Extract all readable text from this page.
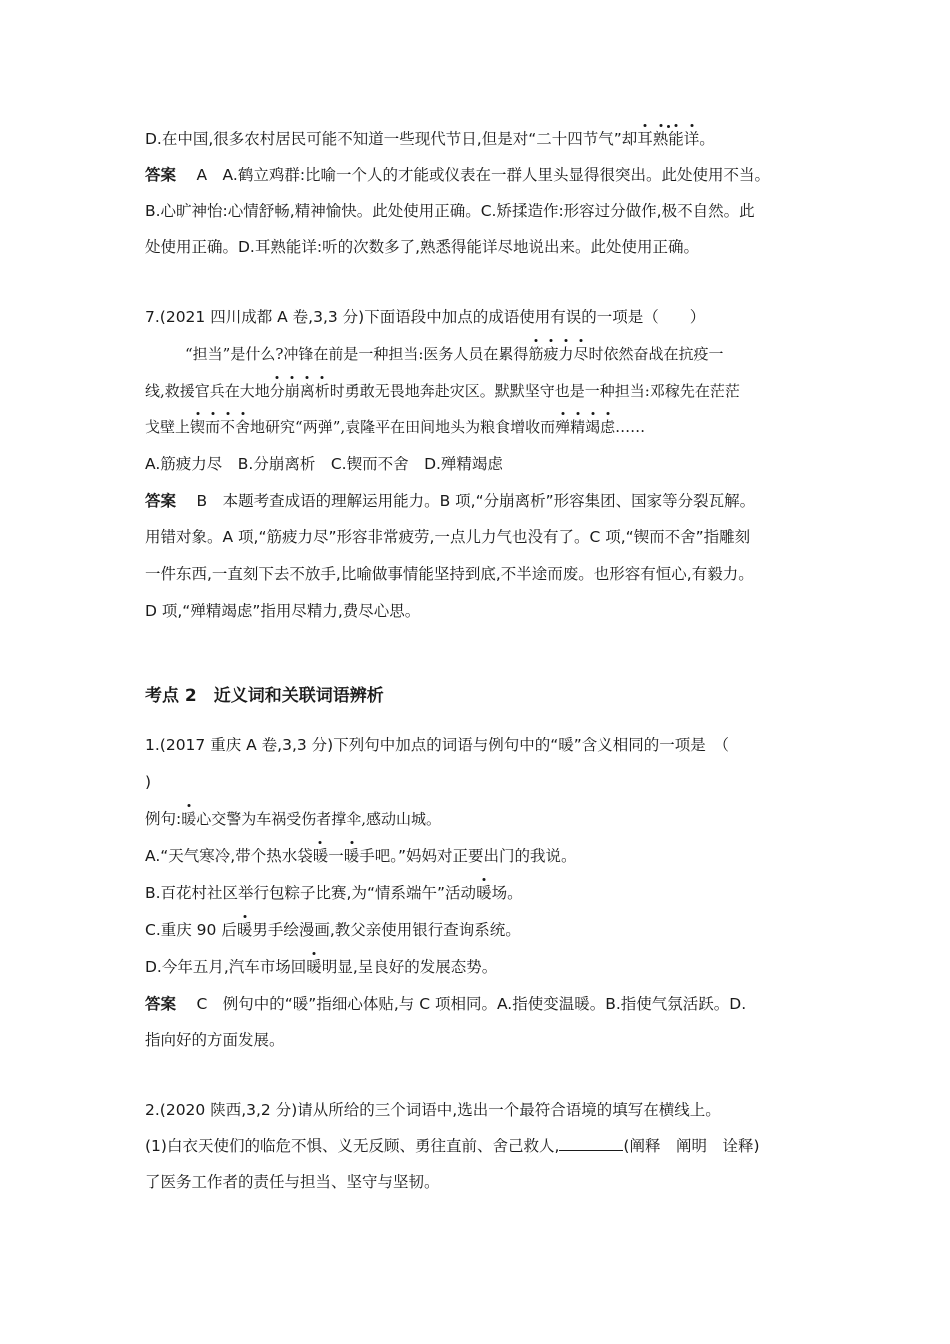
D.在中国,很多农村居民可能不知道一些现代节日,但是对“二十四节气”却耳熟能详
。
答案　 A　A.鹤立鸡群:比喻一个人的才能或仪表在一群人里头显得很突出。此处使用不当。
B.心旷神怡:心情舒畅,精神愉快。此处使用正确。C.矫揉造作:形容过分做作,极不自然。此
处使用正确。D.耳熟能详:听的次数多了,熟悉得能详尽地说出来。此处使用正确。
7.(2021 四川成都 A 卷,3,3 分)下面语段中加点的成语使用有误的一项是（　　）
“担当”是什么?冲锋在前是一种担当:医务人员在累得筋疲力尽
时依然奋战在抗疫一
线,救援官兵在大地分崩离析
时勇敢无畏地奔赴灾区。默默坚守也是一种担当:邓稼先在茫茫
戈壁上锲而不舍
地研究“两弹”,袁隆平在田间地头为粮食增收而殚精竭虑
……
A.筋疲力尽　B.分崩离析　C.锲而不舍　D.殚精竭虑
答案　 B　本题考查成语的理解运用能力。B 项,“分崩离析”形容集团、国家等分裂瓦解。
用错对象。A 项,“筋疲力尽”形容非常疲劳,一点儿力气也没有了。C 项,“锲而不舍”指雕刻
一件东西,一直刻下去不放手,比喻做事情能坚持到底,不半途而废。也形容有恒心,有毅力。
D 项,“殚精竭虑”指用尽精力,费尽心思。
考点 2　近义词和关联词语辨析
1.(2017 重庆 A 卷,3,3 分)下列句中加点的词语与例句中的“暖”含义相同的一项是　（
)
例句:暖
心交警为车祸受伤者撑伞,感动山城。
A.“天气寒冷,带个热水袋暖
一暖
手吧。”妈妈对正要出门的我说。
B.百花村社区举行包粽子比赛,为“情系端午”活动暖
场。
C.重庆 90 后暖
男手绘漫画,教父亲使用银行查询系统。
D.今年五月,汽车市场回暖
明显,呈良好的发展态势。
答案　 C　例句中的“暖”指细心体贴,与 C 项相同。A.指使变温暖。B.指使气氛活跃。D.
指向好的方面发展。
2.(2020 陕西,3,2 分)请从所给的三个词语中,选出一个最符合语境的填写在横线上。
(1)白衣天使们的临危不惧、义无反顾、勇往直前、舍己救人,	(阐释　阐明　诠释)
了医务工作者的责任与担当、坚守与坚韧。
